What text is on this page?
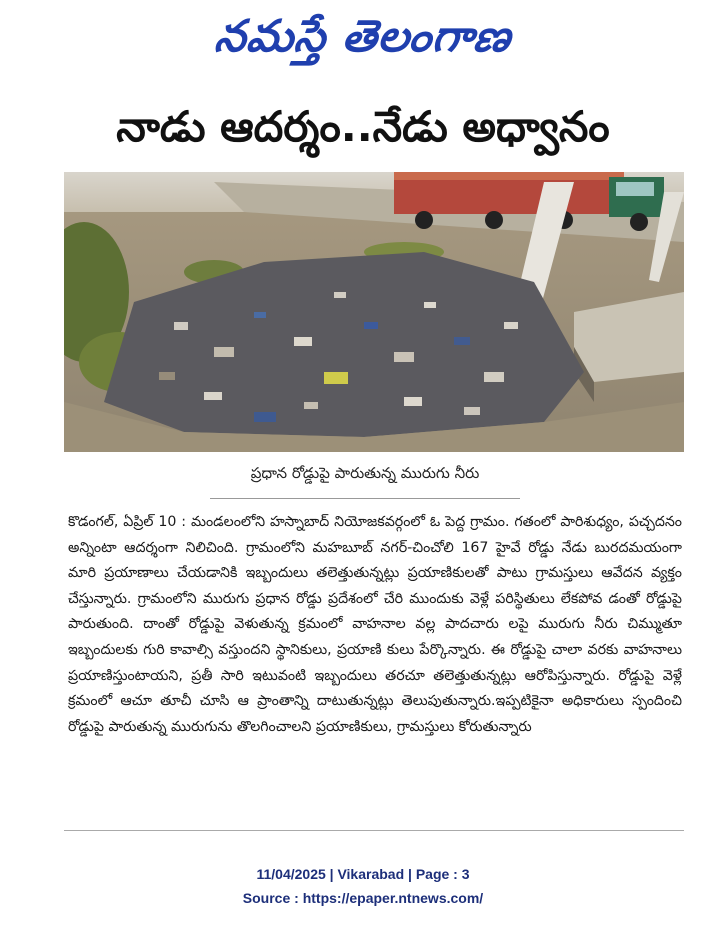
నమస్తే తెలంగాణ
నాడు ఆదర్శం..నేడు అధ్వానం
ప్రధాన రోడ్డుపై పారుతున్న మురుగు నీరు
కొడంగల్, ఏప్రిల్ 10 : మండలంలోని హస్నాబాద్ నియోజకవర్గంలో ఓ పెద్ద గ్రామం. గతంలో పారిశుధ్యం, పచ్చదనం అన్నింటా ఆదర్శంగా నిలిచింది. గ్రామంలోని మహబూబ్ నగర్-చించోలి 167 హైవే రోడ్డు నేడు బురదమయంగా మారి ప్రయాణాలు చేయడానికి ఇబ్బందులు తలెత్తుతున్నట్లు ప్రయాణికులతో పాటు గ్రామస్తులు ఆవేదన వ్యక్తం చేస్తున్నారు. గ్రామంలోని మురుగు ప్రధాన రోడ్డు ప్రదేశంలో చేరి ముందుకు వెళ్లే పరిస్థితులు లేకపోవ డంతో రోడ్డుపై పారుతుంది. దాంతో రోడ్డుపై వెళుతున్న క్రమంలో వాహనాల వల్ల పాదచారు లపై మురుగు నీరు చిమ్ముతూ ఇబ్బందులకు గురి కావాల్సి వస్తుందని స్థానికులు, ప్రయాణి కులు పేర్కొన్నారు. ఈ రోడ్డుపై చాలా వరకు వాహనాలు ప్రయాణిస్తుంటాయని, ప్రతీ సారి ఇటువంటి ఇబ్బందులు తరచూ తలెత్తుతున్నట్లు ఆరోపిస్తున్నారు. రోడ్డుపై వెళ్లే క్రమంలో ఆచూ తూచీ చూసి ఆ ప్రాంతాన్ని దాటుతున్నట్లు తెలుపుతున్నారు.ఇప్పటికైనా అధికారులు స్పందించి రోడ్డుపై పారుతున్న మురుగును తొలగించాలని ప్రయాణికులు, గ్రామస్తులు కోరుతున్నారు
11/04/2025 | Vikarabad | Page : 3
Source : https://epaper.ntnews.com/
